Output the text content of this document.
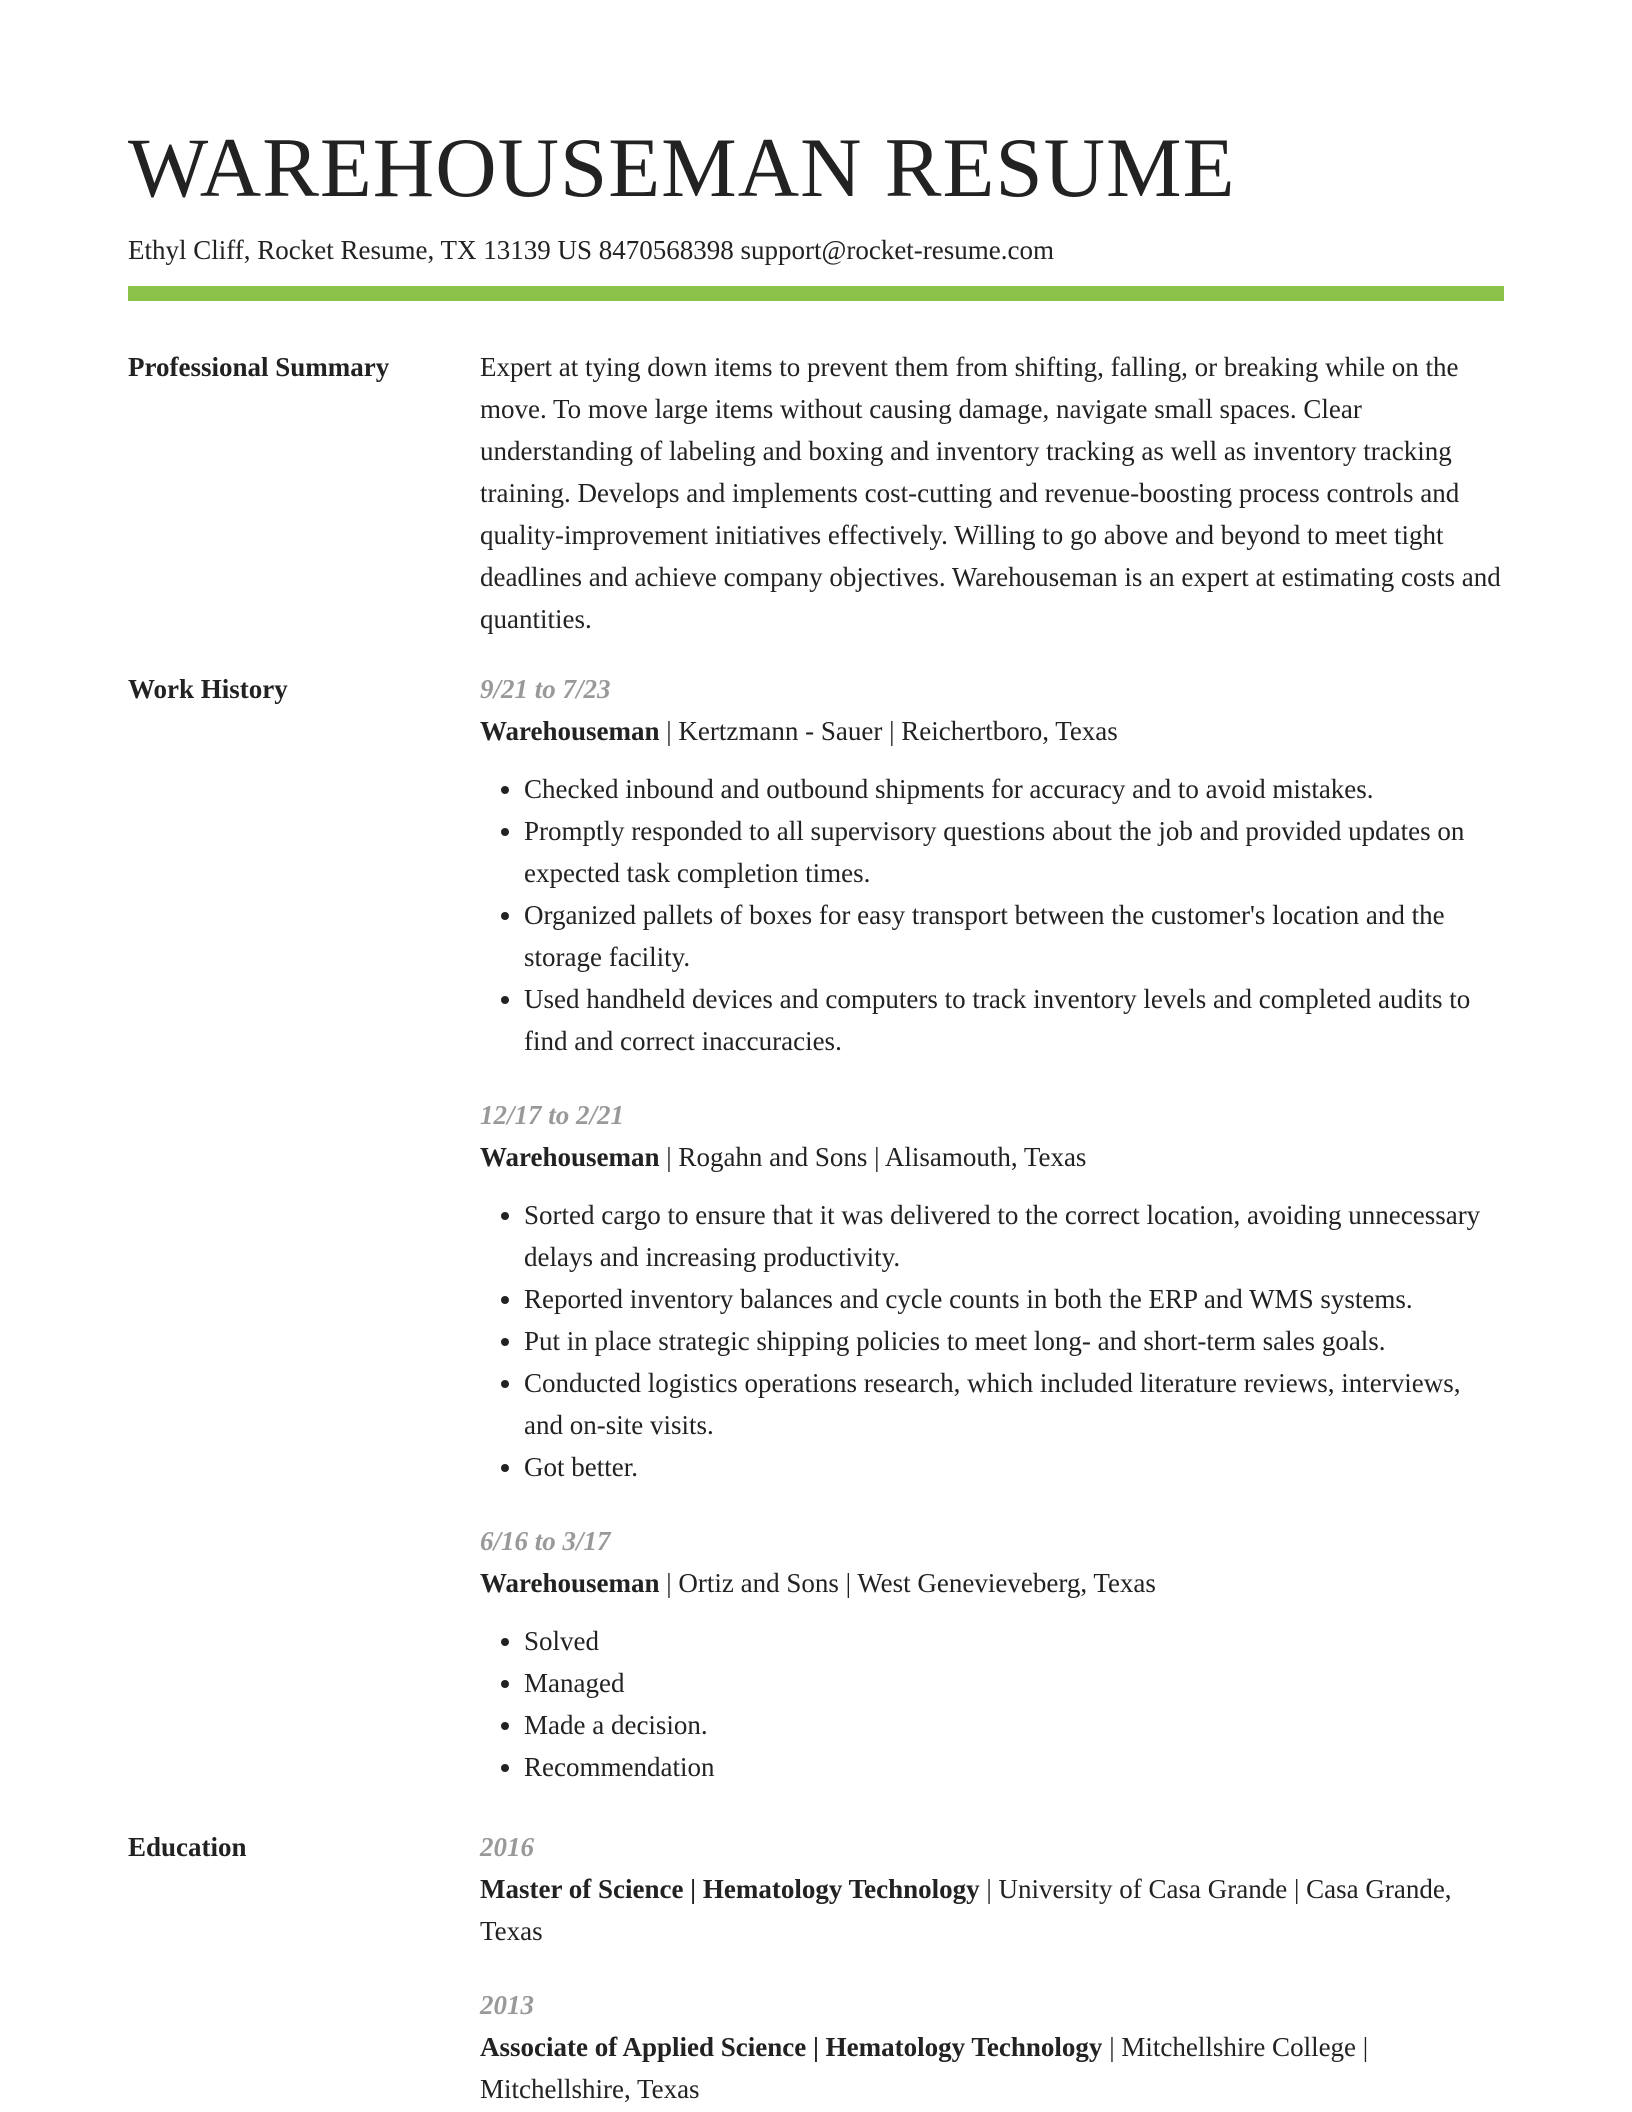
WAREHOUSEMAN RESUME
Ethyl Cliff, Rocket Resume, TX 13139 US 8470568398 support@rocket-resume.com
Professional Summary	Expert at tying down items to prevent them from shifting, falling, or breaking while on the move. To move large items without causing damage, navigate small spaces. Clear understanding of labeling and boxing and inventory tracking as well as inventory tracking training. Develops and implements cost-cutting and revenue-boosting process controls and quality-improvement initiatives effectively. Willing to go above and beyond to meet tight deadlines and achieve company objectives. Warehouseman is an expert at estimating costs and quantities.

Work History	9/21 to 7/23

Warehouseman | Kertzmann - Sauer | Reichertboro, Texas

• Checked inbound and outbound shipments for accuracy and to avoid mistakes.
• Promptly responded to all supervisory questions about the job and provided updates on expected task completion times.
• Organized pallets of boxes for easy transport between the customer's location and the storage facility.
• Used handheld devices and computers to track inventory levels and completed audits to find and correct inaccuracies.
12/17 to 2/21

Warehouseman | Rogahn and Sons | Alisamouth, Texas

• Sorted cargo to ensure that it was delivered to the correct location, avoiding unnecessary delays and increasing productivity.
• Reported inventory balances and cycle counts in both the ERP and WMS systems.
• Put in place strategic shipping policies to meet long- and short-term sales goals.
• Conducted logistics operations research, which included literature reviews, interviews, and on-site visits.
• Got better.
6/16 to 3/17

Warehouseman | Ortiz and Sons | West Genevieveberg, Texas

• Solved
• Managed
• Made a decision.
• Recommendation
Education	2016

Master of Science | Hematology Technology | University of Casa Grande | Casa Grande, Texas

2013

Associate of Applied Science | Hematology Technology | Mitchellshire College | Mitchellshire, Texas
